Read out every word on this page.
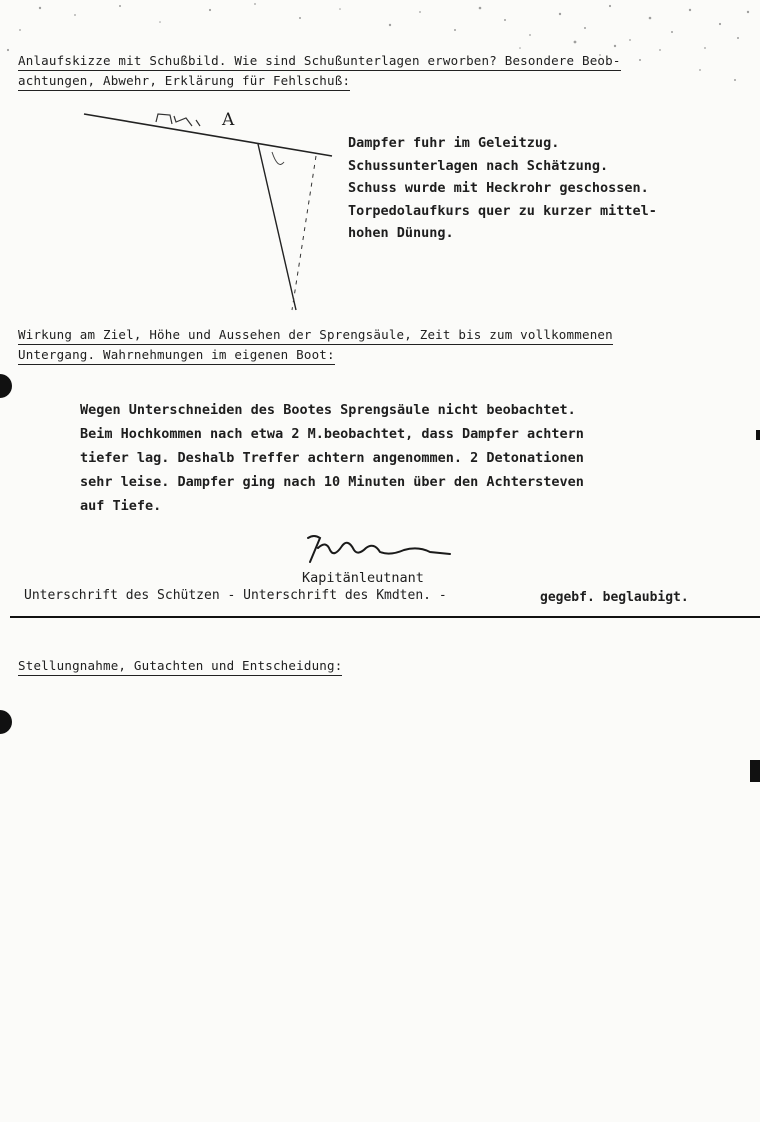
Anlaufskizze mit Schußbild. Wie sind Schußunterlagen erworben? Besondere Beob-
achtungen, Abwehr, Erklärung für Fehlschuß:
A
Dampfer fuhr im Geleitzug.
Schussunterlagen nach Schätzung.
Schuss wurde mit Heckrohr geschossen.
Torpedolaufkurs quer zu kurzer mittel-
hohen Dünung.
Wirkung am Ziel, Höhe und Aussehen der Sprengsäule, Zeit bis zum vollkommenen
Untergang. Wahrnehmungen im eigenen Boot:
Wegen Unterschneiden des Bootes Sprengsäule nicht beobachtet.
Beim Hochkommen nach etwa 2 M.beobachtet, dass Dampfer achtern
tiefer lag. Deshalb Treffer achtern angenommen. 2 Detonationen
sehr leise. Dampfer ging nach 10 Minuten über den Achtersteven
auf Tiefe.
Kapitänleutnant
Unterschrift des Schützen - Unterschrift des Kmdten. -	gegebf. beglaubigt.
Stellungnahme, Gutachten und Entscheidung:
